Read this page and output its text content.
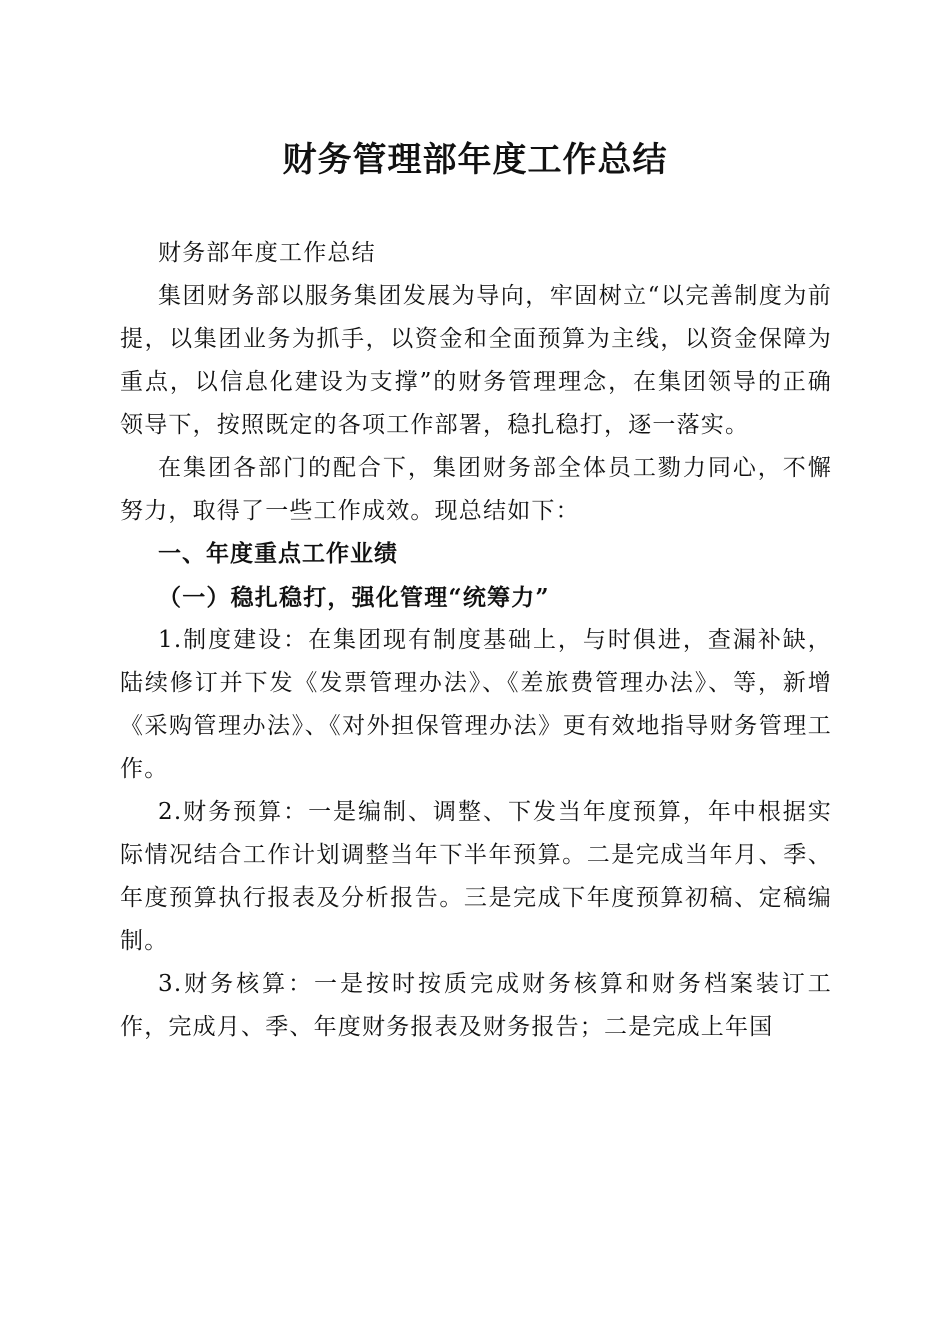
财务管理部年度工作总结

财务部年度工作总结

集团财务部以服务集团发展为导向，牢固树立“以完善制度为前提，以集团业务为抓手，以资金和全面预算为主线，以资金保障为重点，以信息化建设为支撑”的财务管理理念，在集团领导的正确领导下，按照既定的各项工作部署，稳扎稳打，逐一落实。

在集团各部门的配合下，集团财务部全体员工勠力同心，不懈努力，取得了一些工作成效。现总结如下：

一、年度重点工作业绩

（一）稳扎稳打，强化管理“统筹力”

1.制度建设：在集团现有制度基础上，与时俱进，查漏补缺，陆续修订并下发《发票管理办法》、《差旅费管理办法》、等，新增《采购管理办法》、《对外担保管理办法》更有效地指导财务管理工作。

2.财务预算：一是编制、调整、下发当年度预算，年中根据实际情况结合工作计划调整当年下半年预算。二是完成当年月、季、年度预算执行报表及分析报告。三是完成下年度预算初稿、定稿编制。

3.财务核算：一是按时按质完成财务核算和财务档案装订工作，完成月、季、年度财务报表及财务报告；二是完成上年国
